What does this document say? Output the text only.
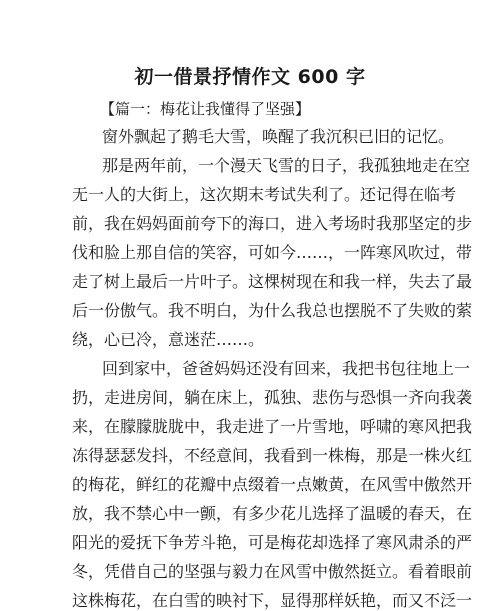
初一借景抒情作文 600 字
【篇一：梅花让我懂得了坚强】
窗外飘起了鹅毛大雪，唤醒了我沉积已旧的记忆。
那是两年前，一个漫天飞雪的日子，我孤独地走在空
无一人的大街上，这次期末考试失利了。还记得在临考
前，我在妈妈面前夸下的海口，进入考场时我那坚定的步
伐和脸上那自信的笑容，可如今……，一阵寒风吹过，带
走了树上最后一片叶子。这棵树现在和我一样，失去了最
后一份傲气。我不明白，为什么我总也摆脱不了失败的萦
绕，心已冷，意迷茫……。
回到家中，爸爸妈妈还没有回来，我把书包往地上一
扔，走进房间，躺在床上，孤独、悲伤与恐惧一齐向我袭
来，在朦朦胧胧中，我走进了一片雪地，呼啸的寒风把我
冻得瑟瑟发抖，不经意间，我看到一株梅，那是一株火红
的梅花，鲜红的花瓣中点缀着一点嫩黄，在风雪中傲然开
放，我不禁心中一颤，有多少花儿选择了温暖的春天，在
阳光的爱抚下争芳斗艳，可是梅花却选择了寒风肃杀的严
冬，凭借自己的坚强与毅力在风雪中傲然挺立。看着眼前
这株梅花，在白雪的映衬下，显得那样妖艳，而又不泛一
